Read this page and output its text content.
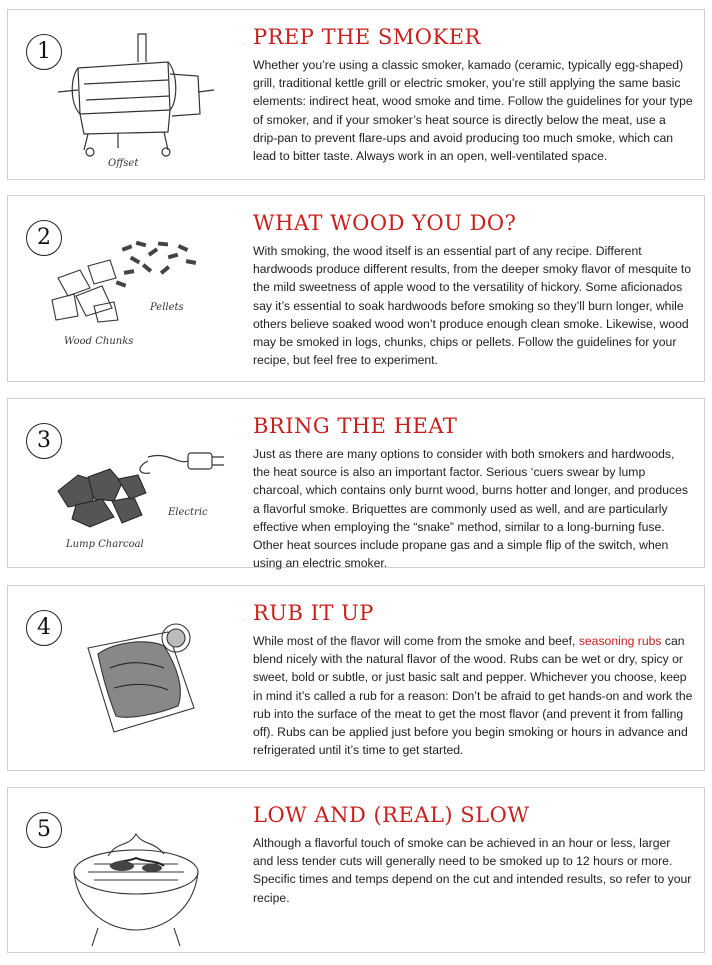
1
Offset
PREP THE SMOKER

Whether you’re using a classic smoker, kamado (ceramic, typically egg-shaped) grill, traditional kettle grill or electric smoker, you’re still applying the same basic elements: indirect heat, wood smoke and time. Follow the guidelines for your type of smoker, and if your smoker’s heat source is directly below the meat, use a drip-pan to prevent flare-ups and avoid producing too much smoke, which can lead to bitter taste. Always work in an open, well-ventilated space.

2
Pellets
Wood Chunks
WHAT WOOD YOU DO?

With smoking, the wood itself is an essential part of any recipe. Different hardwoods produce different results, from the deeper smoky flavor of mesquite to the mild sweetness of apple wood to the versatility of hickory. Some aficionados say it’s essential to soak hardwoods before smoking so they’ll burn longer, while others believe soaked wood won’t produce enough clean smoke. Likewise, wood may be smoked in logs, chunks, chips or pellets. Follow the guidelines for your recipe, but feel free to experiment.

3
Electric
Lump Charcoal
BRING THE HEAT

Just as there are many options to consider with both smokers and hardwoods, the heat source is also an important factor. Serious ‘cuers swear by lump charcoal, which contains only burnt wood, burns hotter and longer, and produces a flavorful smoke. Briquettes are commonly used as well, and are particularly effective when employing the “snake” method, similar to a long-burning fuse. Other heat sources include propane gas and a simple flip of the switch, when using an electric smoker.

4
RUB IT UP

While most of the flavor will come from the smoke and beef, seasoning rubs can blend nicely with the natural flavor of the wood. Rubs can be wet or dry, spicy or sweet, bold or subtle, or just basic salt and pepper. Whichever you choose, keep in mind it’s called a rub for a reason: Don’t be afraid to get hands-on and work the rub into the surface of the meat to get the most flavor (and prevent it from falling off). Rubs can be applied just before you begin smoking or hours in advance and refrigerated until it’s time to get started.

5
LOW AND (REAL) SLOW

Although a flavorful touch of smoke can be achieved in an hour or less, larger and less tender cuts will generally need to be smoked up to 12 hours or more. Specific times and temps depend on the cut and intended results, so refer to your recipe.
